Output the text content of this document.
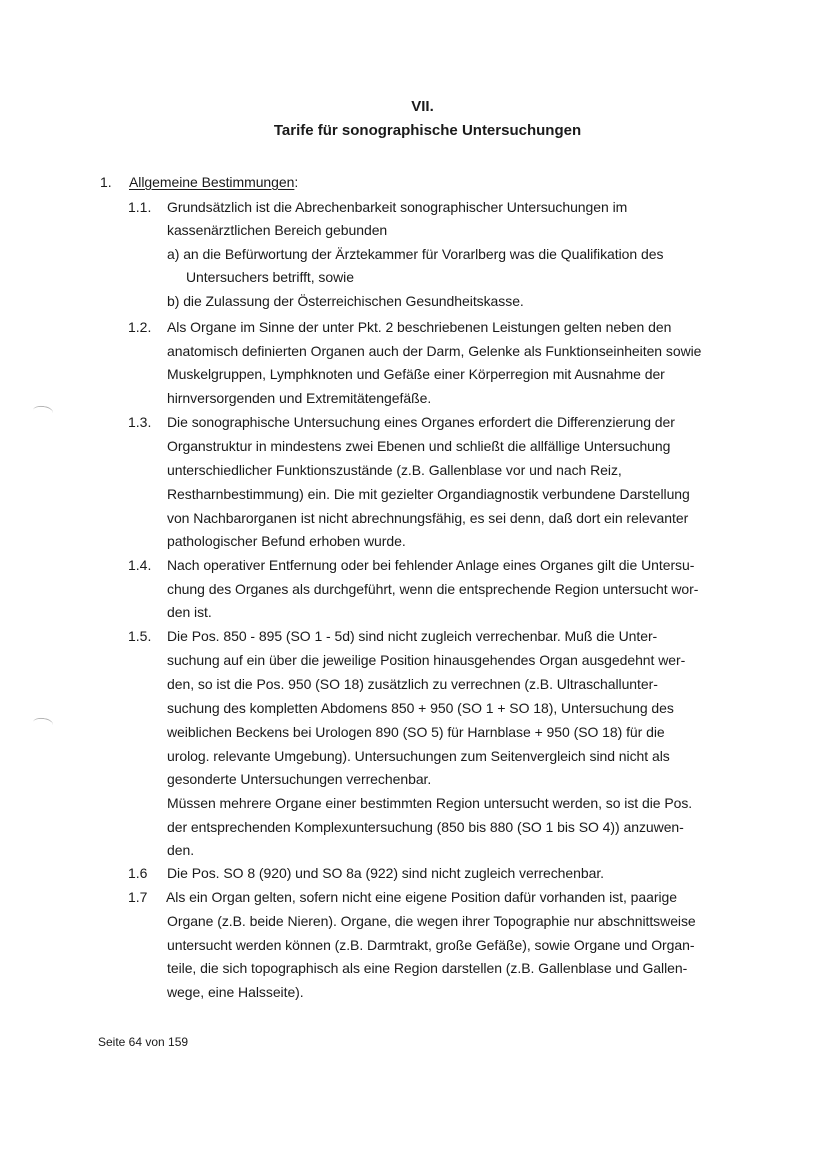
VII.
Tarife für sonographische Untersuchungen
1. Allgemeine Bestimmungen:
1.1. Grundsätzlich ist die Abrechenbarkeit sonographischer Untersuchungen im
kassenärztlichen Bereich gebunden
a) an die Befürwortung der Ärztekammer für Vorarlberg was die Qualifikation des
Untersuchers betrifft, sowie
b) die Zulassung der Österreichischen Gesundheitskasse.
1.2. Als Organe im Sinne der unter Pkt. 2 beschriebenen Leistungen gelten neben den
anatomisch definierten Organen auch der Darm, Gelenke als Funktionseinheiten sowie
Muskelgruppen, Lymphknoten und Gefäße einer Körperregion mit Ausnahme der
hirnversorgenden und Extremitätengefäße.
1.3. Die sonographische Untersuchung eines Organes erfordert die Differenzierung der
Organstruktur in mindestens zwei Ebenen und schließt die allfällige Untersuchung
unterschiedlicher Funktionszustände (z.B. Gallenblase vor und nach Reiz,
Restharnbestimmung) ein. Die mit gezielter Organdiagnostik verbundene Darstellung
von Nachbarorganen ist nicht abrechnungsfähig, es sei denn, daß dort ein relevanter
pathologischer Befund erhoben wurde.
1.4. Nach operativer Entfernung oder bei fehlender Anlage eines Organes gilt die Untersu-
chung des Organes als durchgeführt, wenn die entsprechende Region untersucht wor-
den ist.
1.5. Die Pos. 850 - 895 (SO 1 - 5d) sind nicht zugleich verrechenbar. Muß die Unter-
suchung auf ein über die jeweilige Position hinausgehendes Organ ausgedehnt wer-
den, so ist die Pos. 950 (SO 18) zusätzlich zu verrechnen (z.B. Ultraschallunter-
suchung des kompletten Abdomens 850 + 950 (SO 1 + SO 18), Untersuchung des
weiblichen Beckens bei Urologen 890 (SO 5) für Harnblase + 950 (SO 18) für die
urolog. relevante Umgebung). Untersuchungen zum Seitenvergleich sind nicht als
gesonderte Untersuchungen verrechenbar.
Müssen mehrere Organe einer bestimmten Region untersucht werden, so ist die Pos.
der entsprechenden Komplexuntersuchung (850 bis 880 (SO 1 bis SO 4)) anzuwen-
den.
1.6 Die Pos. SO 8 (920) und SO 8a (922) sind nicht zugleich verrechenbar.
1.7 Als ein Organ gelten, sofern nicht eine eigene Position dafür vorhanden ist, paarige
Organe (z.B. beide Nieren). Organe, die wegen ihrer Topographie nur abschnittsweise
untersucht werden können (z.B. Darmtrakt, große Gefäße), sowie Organe und Organ-
teile, die sich topographisch als eine Region darstellen (z.B. Gallenblase und Gallen-
wege, eine Halsseite).
Seite 64 von 159
